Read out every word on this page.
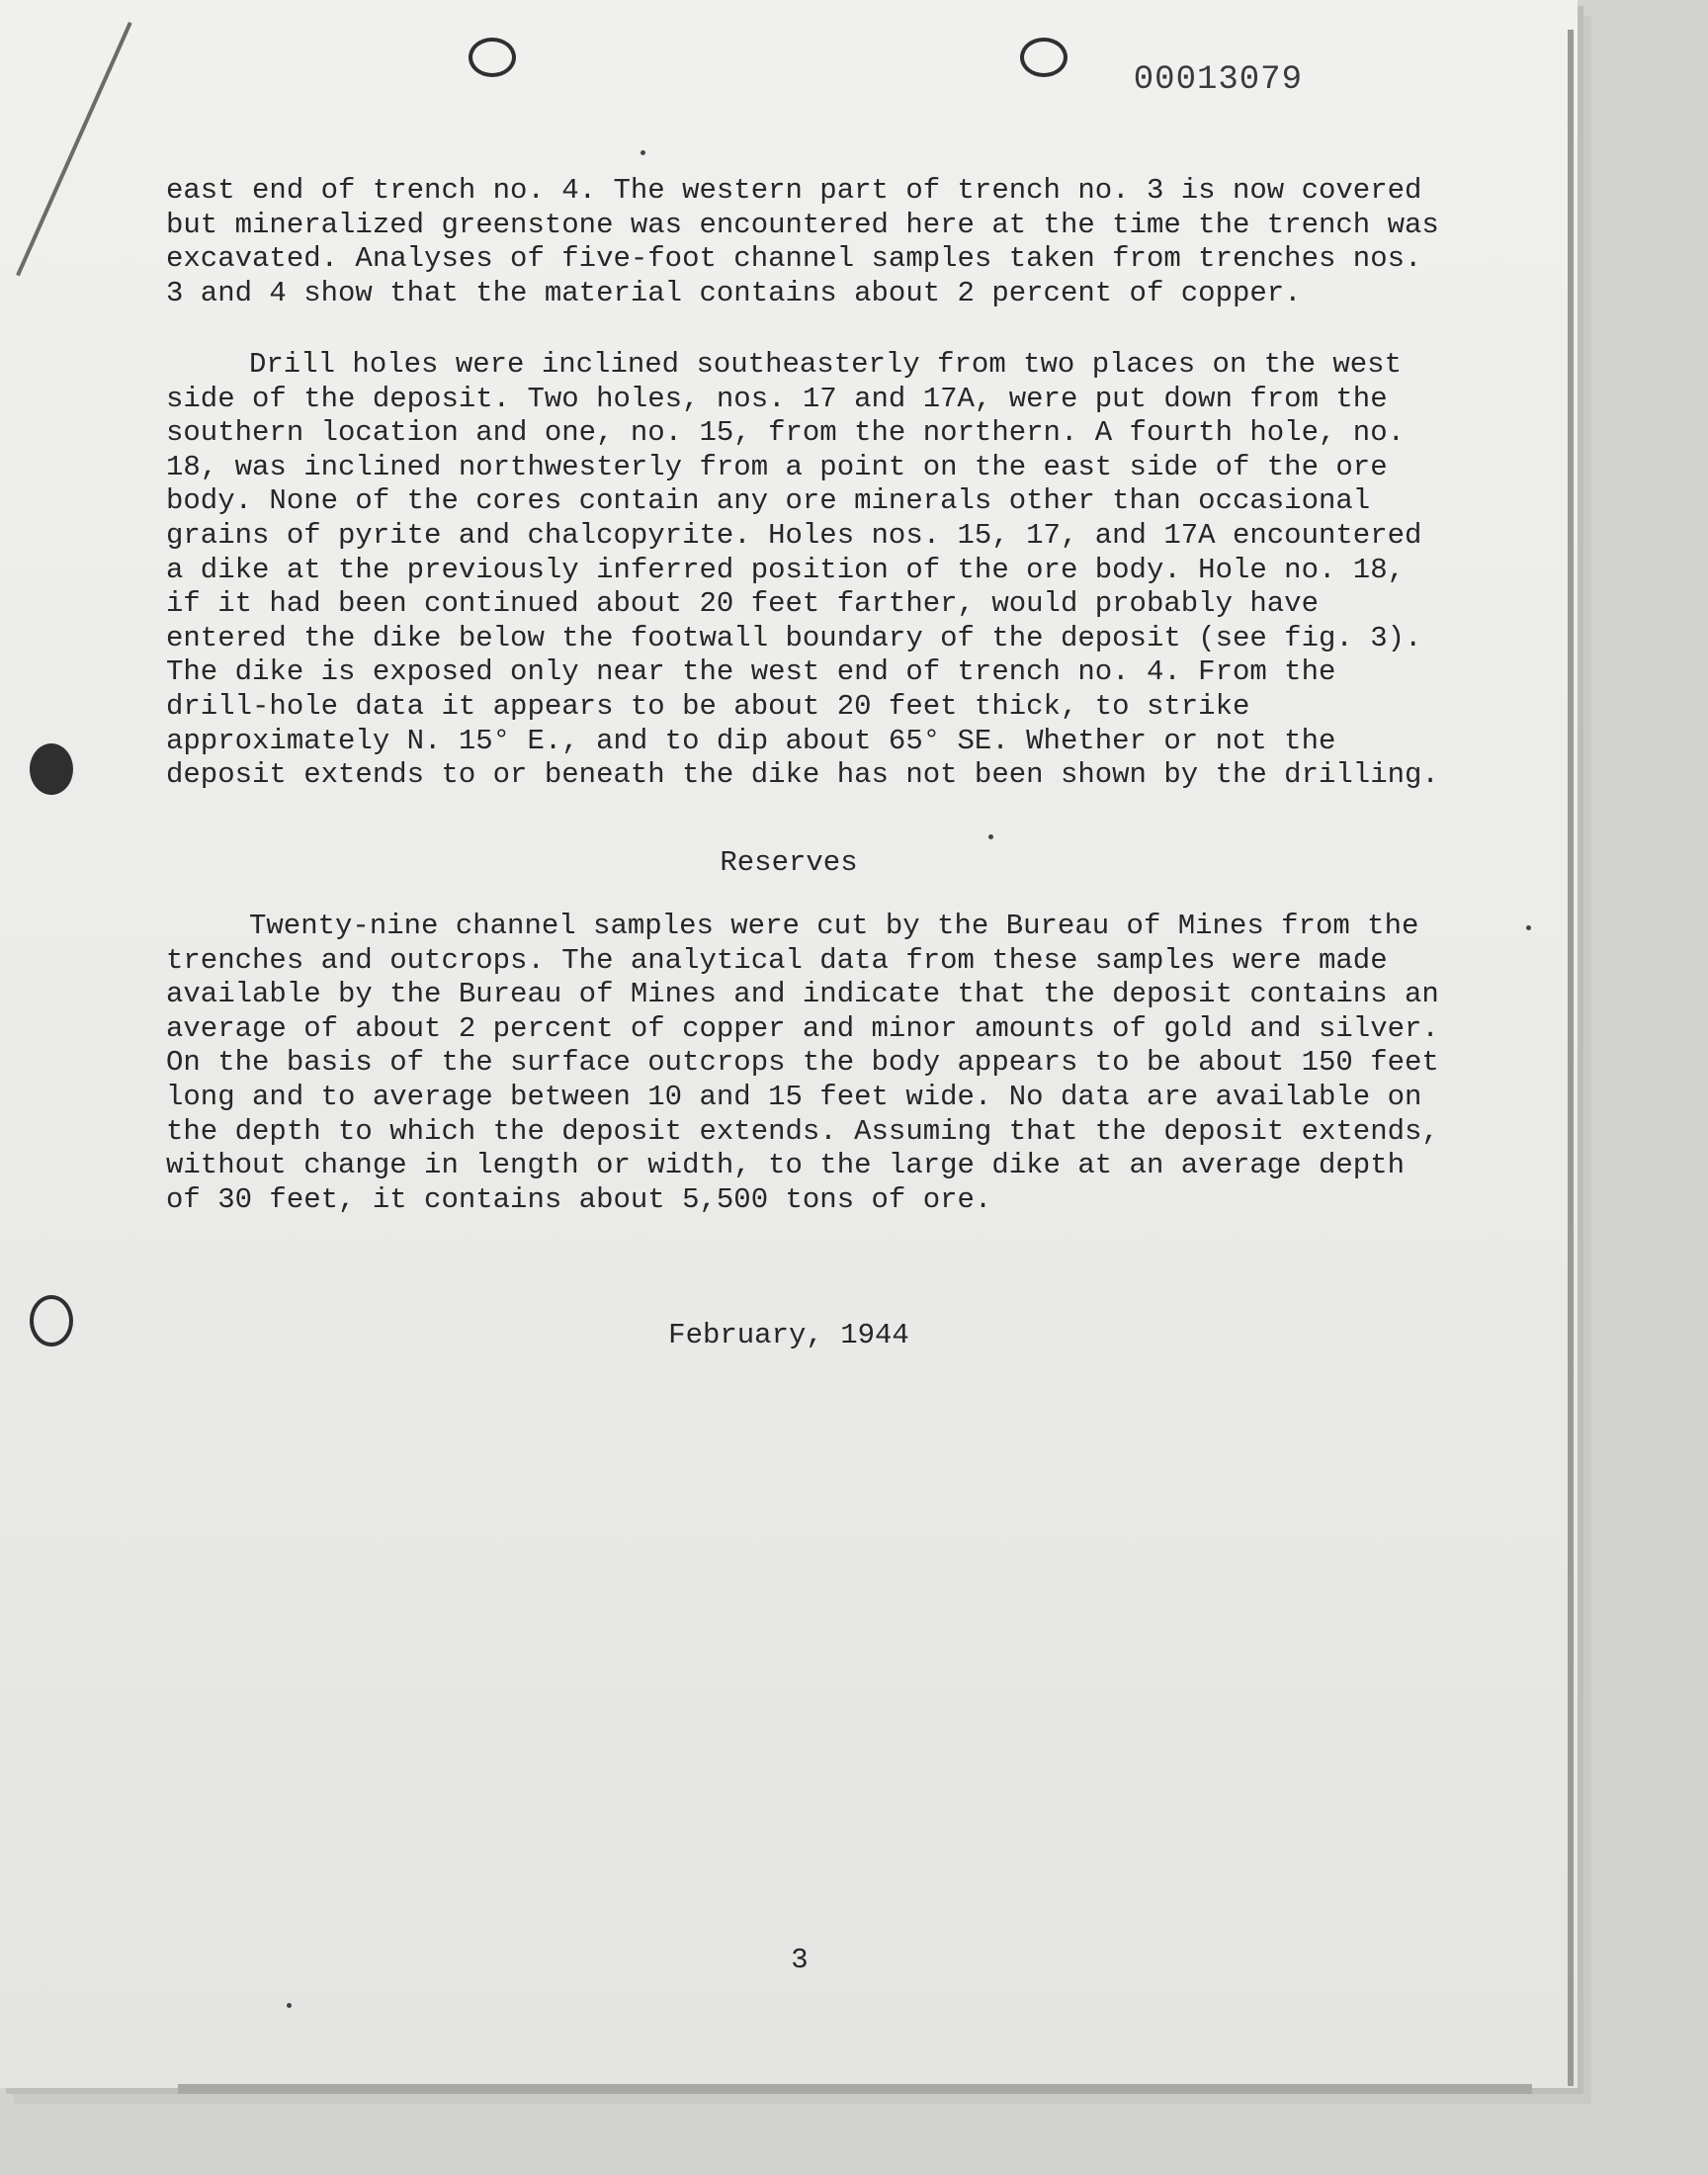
00013079

east end of trench no. 4. The western part of trench no. 3 is now covered but mineralized greenstone was encountered here at the time the trench was excavated. Analyses of five-foot channel samples taken from trenches nos. 3 and 4 show that the material contains about 2 percent of copper.

Drill holes were inclined southeasterly from two places on the west side of the deposit. Two holes, nos. 17 and 17A, were put down from the southern location and one, no. 15, from the northern. A fourth hole, no. 18, was inclined northwesterly from a point on the east side of the ore body. None of the cores contain any ore minerals other than occasional grains of pyrite and chalcopyrite. Holes nos. 15, 17, and 17A encountered a dike at the previously inferred position of the ore body. Hole no. 18, if it had been continued about 20 feet farther, would probably have entered the dike below the footwall boundary of the deposit (see fig. 3). The dike is exposed only near the west end of trench no. 4. From the drill-hole data it appears to be about 20 feet thick, to strike approximately N. 15° E., and to dip about 65° SE. Whether or not the deposit extends to or beneath the dike has not been shown by the drilling.

Reserves

Twenty-nine channel samples were cut by the Bureau of Mines from the trenches and outcrops. The analytical data from these samples were made available by the Bureau of Mines and indicate that the deposit contains an average of about 2 percent of copper and minor amounts of gold and silver. On the basis of the surface outcrops the body appears to be about 150 feet long and to average between 10 and 15 feet wide. No data are available on the depth to which the deposit extends. Assuming that the deposit extends, without change in length or width, to the large dike at an average depth of 30 feet, it contains about 5,500 tons of ore.

February, 1944
3
